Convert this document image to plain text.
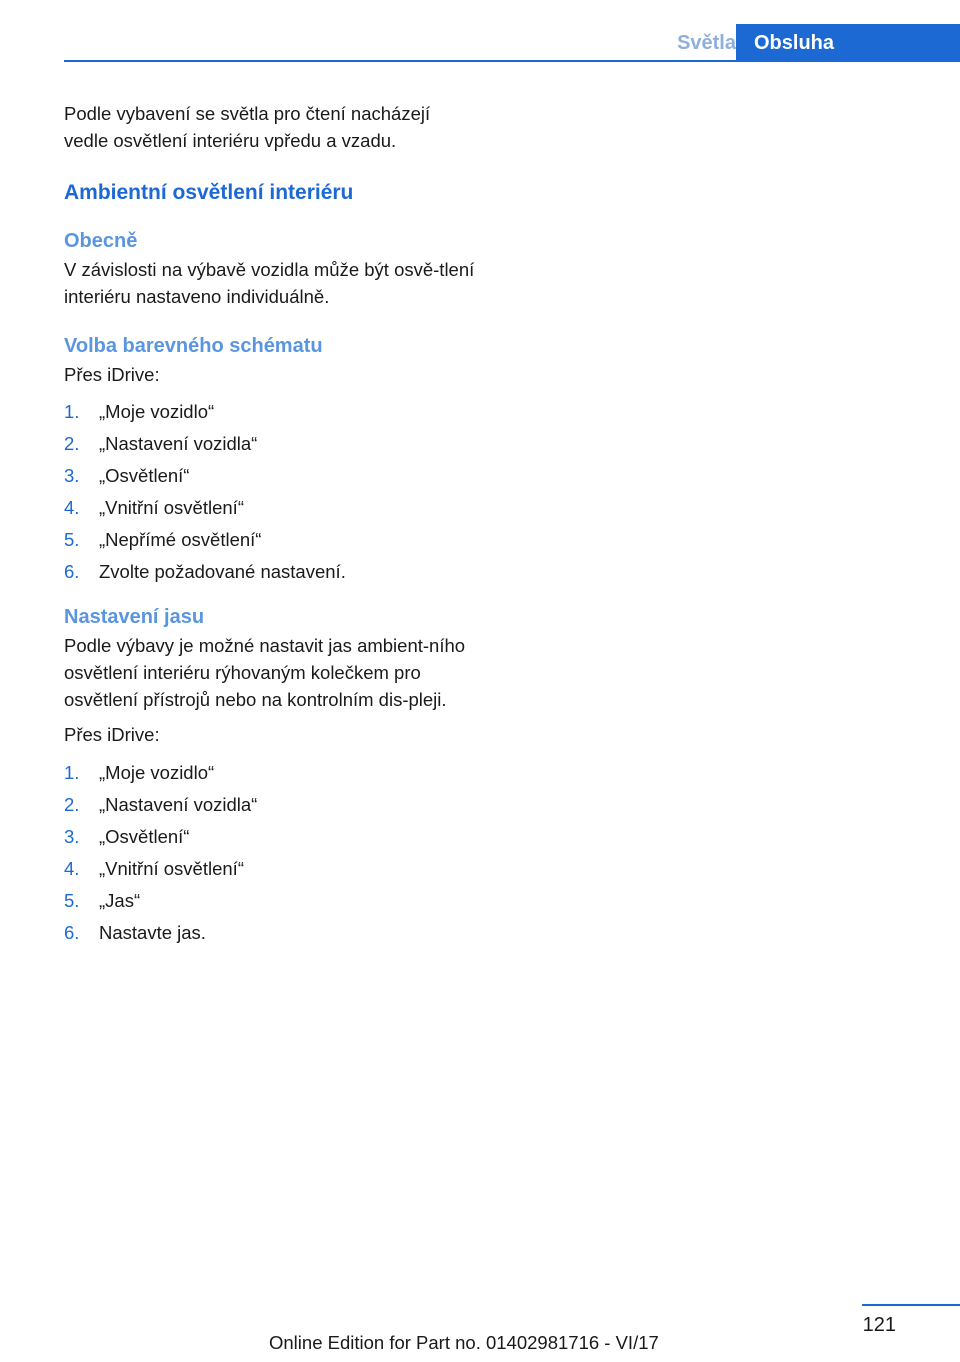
Světla Obsluha

Podle vybavení se světla pro čtení nacházejí vedle osvětlení interiéru vpředu a vzadu.

Ambientní osvětlení interiéru
Obecně

V závislosti na výbavě vozidla může být osvě‐tlení interiéru nastaveno individuálně.

Volba barevného schématu

Přes iDrive:

1. „Moje vozidlo“
2. „Nastavení vozidla“
3. „Osvětlení“
4. „Vnitřní osvětlení“
5. „Nepřímé osvětlení“
6. Zvolte požadované nastavení.
Nastavení jasu

Podle výbavy je možné nastavit jas ambient‐ního osvětlení interiéru rýhovaným kolečkem pro osvětlení přístrojů nebo na kontrolním dis‐pleji.

Přes iDrive:

1. „Moje vozidlo“
2. „Nastavení vozidla“
3. „Osvětlení“
4. „Vnitřní osvětlení“
5. „Jas“
6. Nastavte jas.
121
Online Edition for Part no. 01402981716 - VI/17
